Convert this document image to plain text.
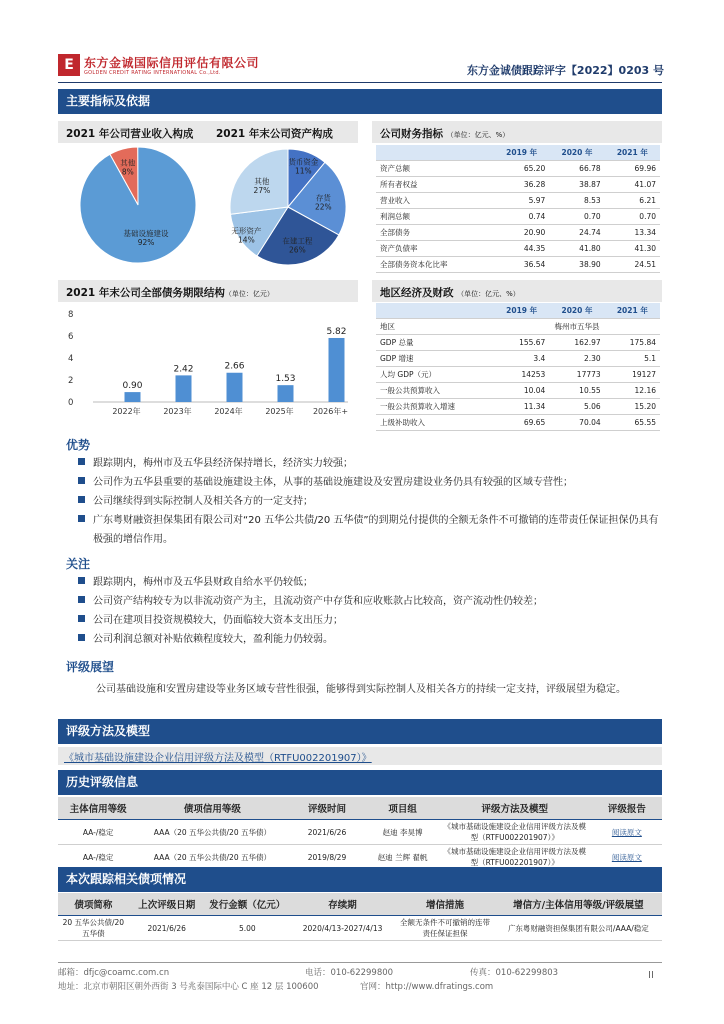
E 东方金诚国际信用评估有限公司
GOLDEN CREDIT RATING INTERNATIONAL Co.,Ltd.	东方金诚债跟踪评字【2022】0203 号
主要指标及依据
2021 年公司营业收入构成 2021 年末公司资产构成
其他
8%
基础设施建设
92%
货币资金
11%
存货
22%
在建工程
26%
无形资产
14%
其他
27%
公司财务指标 （单位：亿元、%）
	2019 年	2020 年	2021 年
资产总额	65.20	66.78	69.96
所有者权益	36.28	38.87	41.07
营业收入	5.97	8.53	6.21
利润总额	0.74	0.70	0.70
全部债务	20.90	24.74	13.34
资产负债率	44.35	41.80	41.30
全部债务资本化比率	36.54	38.90	24.51
2021 年末公司全部债务期限结构（单位：亿元）
0
2
4
6
8
0.90
2022年
2.42
2023年
2.66
2024年
1.53
2025年
5.82
2026年+
地区经济及财政 （单位：亿元、%）
	2019 年	2020 年	2021 年
地区	梅州市五华县		
GDP 总量	155.67	162.97	175.84
GDP 增速	3.4	2.30	5.1
人均 GDP（元）	14253	17773	19127
一般公共预算收入	10.04	10.55	12.16
一般公共预算收入增速	11.34	5.06	15.20
上级补助收入	69.65	70.04	65.55
优势
跟踪期内，梅州市及五华县经济保持增长，经济实力较强；
公司作为五华县重要的基础设施建设主体，从事的基础设施建设及安置房建设业务仍具有较强的区域专营性；
公司继续得到实际控制人及相关各方的一定支持；
广东粤财融资担保集团有限公司对“20 五华公共债/20 五华债”的到期兑付提供的全额无条件不可撤销的连带责任保证担保仍具有极强的增信作用。
关注
跟踪期内，梅州市及五华县财政自给水平仍较低；
公司资产结构较专为以非流动资产为主，且流动资产中存货和应收账款占比较高，资产流动性仍较差；
公司在建项目投资规模较大，仍面临较大资本支出压力；
公司利润总额对补贴依赖程度较大，盈利能力仍较弱。
评级展望
公司基础设施和安置房建设等业务区域专营性很强，能够得到实际控制人及相关各方的持续一定支持，评级展望为稳定。
评级方法及模型
《城市基础设施建设企业信用评级方法及模型（RTFU002201907）》
历史评级信息
主体信用等级	债项信用等级	评级时间	项目组	评级方法及模型	评级报告
AA-/稳定	AAA（20 五华公共债/20 五华债）	2021/6/26	赵迪 李昊博	《城市基础设施建设企业信用评级方法及模型（RTFU002201907）》	阅读原文
AA-/稳定	AAA（20 五华公共债/20 五华债）	2019/8/29	赵迪 兰辉 翟帆	《城市基础设施建设企业信用评级方法及模型（RTFU002201907）》	阅读原文
本次跟踪相关债项情况
债项简称	上次评级日期	发行金额（亿元）	存续期	增信措施	增信方/主体信用等级/评级展望
20 五华公共债/20 五华债	2021/6/26	5.00	2020/4/13-2027/4/13	全额无条件不可撤销的连带责任保证担保	广东粤财融资担保集团有限公司/AAA/稳定
邮箱：dfjc@coamc.com.cn	电话：010-62299800	传真：010-62299803	II
地址：北京市朝阳区朝外西街 3 号兆泰国际中心 C 座 12 层 100600	官网：http://www.dfratings.com
